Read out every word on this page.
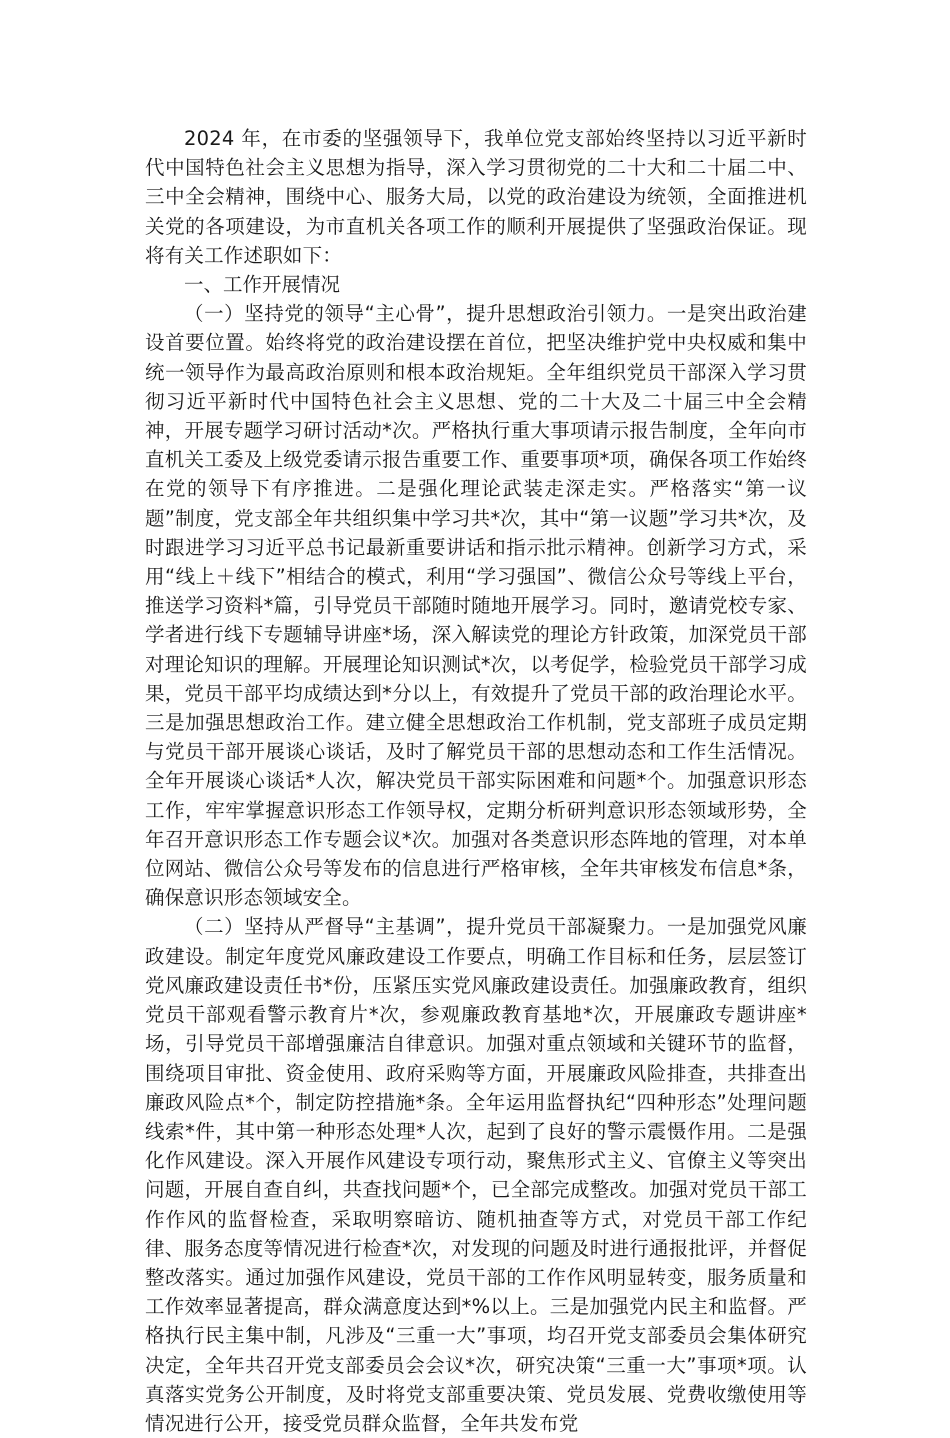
2024 年，在市委的坚强领导下，我单位党支部始终坚持以习近平新时代中国特色社会主义思想为指导，深入学习贯彻党的二十大和二十届二中、三中全会精神，围绕中心、服务大局，以党的政治建设为统领，全面推进机关党的各项建设，为市直机关各项工作的顺利开展提供了坚强政治保证。现将有关工作述职如下：

一、工作开展情况

（一）坚持党的领导“主心骨”，提升思想政治引领力。一是突出政治建设首要位置。始终将党的政治建设摆在首位，把坚决维护党中央权威和集中统一领导作为最高政治原则和根本政治规矩。全年组织党员干部深入学习贯彻习近平新时代中国特色社会主义思想、党的二十大及二十届三中全会精神，开展专题学习研讨活动*次。严格执行重大事项请示报告制度，全年向市直机关工委及上级党委请示报告重要工作、重要事项*项，确保各项工作始终在党的领导下有序推进。二是强化理论武装走深走实。严格落实“第一议题”制度，党支部全年共组织集中学习共*次，其中“第一议题”学习共*次，及时跟进学习习近平总书记最新重要讲话和指示批示精神。创新学习方式，采用“线上＋线下”相结合的模式，利用“学习强国”、微信公众号等线上平台，推送学习资料*篇，引导党员干部随时随地开展学习。同时，邀请党校专家、学者进行线下专题辅导讲座*场，深入解读党的理论方针政策，加深党员干部对理论知识的理解。开展理论知识测试*次，以考促学，检验党员干部学习成果，党员干部平均成绩达到*分以上，有效提升了党员干部的政治理论水平。三是加强思想政治工作。建立健全思想政治工作机制，党支部班子成员定期与党员干部开展谈心谈话，及时了解党员干部的思想动态和工作生活情况。全年开展谈心谈话*人次，解决党员干部实际困难和问题*个。加强意识形态工作，牢牢掌握意识形态工作领导权，定期分析研判意识形态领域形势，全年召开意识形态工作专题会议*次。加强对各类意识形态阵地的管理，对本单位网站、微信公众号等发布的信息进行严格审核，全年共审核发布信息*条，确保意识形态领域安全。

（二）坚持从严督导“主基调”，提升党员干部凝聚力。一是加强党风廉政建设。制定年度党风廉政建设工作要点，明确工作目标和任务，层层签订党风廉政建设责任书*份，压紧压实党风廉政建设责任。加强廉政教育，组织党员干部观看警示教育片*次，参观廉政教育基地*次，开展廉政专题讲座*场，引导党员干部增强廉洁自律意识。加强对重点领域和关键环节的监督，围绕项目审批、资金使用、政府采购等方面，开展廉政风险排查，共排查出廉政风险点*个，制定防控措施*条。全年运用监督执纪“四种形态”处理问题线索*件，其中第一种形态处理*人次，起到了良好的警示震慑作用。二是强化作风建设。深入开展作风建设专项行动，聚焦形式主义、官僚主义等突出问题，开展自查自纠，共查找问题*个，已全部完成整改。加强对党员干部工作作风的监督检查，采取明察暗访、随机抽查等方式，对党员干部工作纪律、服务态度等情况进行检查*次，对发现的问题及时进行通报批评，并督促整改落实。通过加强作风建设，党员干部的工作作风明显转变，服务质量和工作效率显著提高，群众满意度达到*%以上。三是加强党内民主和监督。严格执行民主集中制，凡涉及“三重一大”事项，均召开党支部委员会集体研究决定，全年共召开党支部委员会会议*次，研究决策“三重一大”事项*项。认真落实党务公开制度，及时将党支部重要决策、党员发展、党费收缴使用等情况进行公开，接受党员群众监督，全年共发布党
